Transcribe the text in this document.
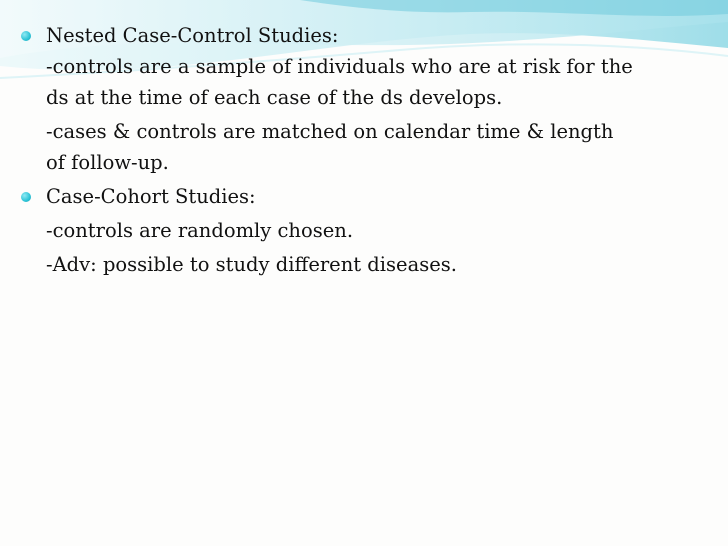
Nested Case-Control Studies:
-controls are a sample of individuals who are at risk for the
ds at the time of each case of the ds develops.
-cases & controls are matched on calendar time & length
of follow-up.
Case-Cohort Studies:
-controls are randomly chosen.
-Adv: possible to study different diseases.
